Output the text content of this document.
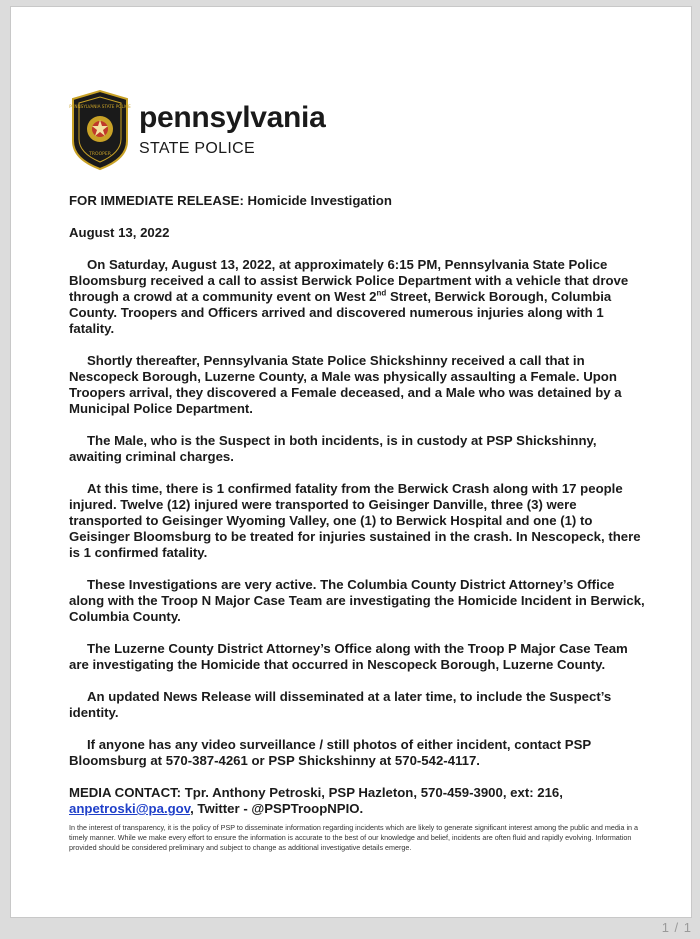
PENNSYLVANIA STATE POLICE
TROOPER
pennsylvania
STATE POLICE

FOR IMMEDIATE RELEASE: Homicide Investigation

August 13, 2022

On Saturday, August 13, 2022, at approximately 6:15 PM, Pennsylvania State Police Bloomsburg received a call to assist Berwick Police Department with a vehicle that drove through a crowd at a community event on West 2nd Street, Berwick Borough, Columbia County. Troopers and Officers arrived and discovered numerous injuries along with 1 fatality.

Shortly thereafter, Pennsylvania State Police Shickshinny received a call that in Nescopeck Borough, Luzerne County, a Male was physically assaulting a Female. Upon Troopers arrival, they discovered a Female deceased, and a Male who was detained by a Municipal Police Department.

The Male, who is the Suspect in both incidents, is in custody at PSP Shickshinny, awaiting criminal charges.

At this time, there is 1 confirmed fatality from the Berwick Crash along with 17 people injured. Twelve (12) injured were transported to Geisinger Danville, three (3) were transported to Geisinger Wyoming Valley, one (1) to Berwick Hospital and one (1) to Geisinger Bloomsburg to be treated for injuries sustained in the crash. In Nescopeck, there is 1 confirmed fatality.

These Investigations are very active. The Columbia County District Attorney’s Office along with the Troop N Major Case Team are investigating the Homicide Incident in Berwick, Columbia County.

The Luzerne County District Attorney’s Office along with the Troop P Major Case Team are investigating the Homicide that occurred in Nescopeck Borough, Luzerne County.

An updated News Release will disseminated at a later time, to include the Suspect’s identity.

If anyone has any video surveillance / still photos of either incident, contact PSP Bloomsburg at 570-387-4261 or PSP Shickshinny at 570-542-4117.

MEDIA CONTACT: Tpr. Anthony Petroski, PSP Hazleton, 570-459-3900, ext: 216,
anpetroski@pa.gov, Twitter - @PSPTroopNPIO.

In the interest of transparency, it is the policy of PSP to disseminate information regarding incidents which are likely to generate significant interest among the public and media in a timely manner. While we make every effort to ensure the information is accurate to the best of our knowledge and belief, incidents are often fluid and rapidly evolving. Information provided should be considered preliminary and subject to change as additional investigative details emerge.

1 / 1
